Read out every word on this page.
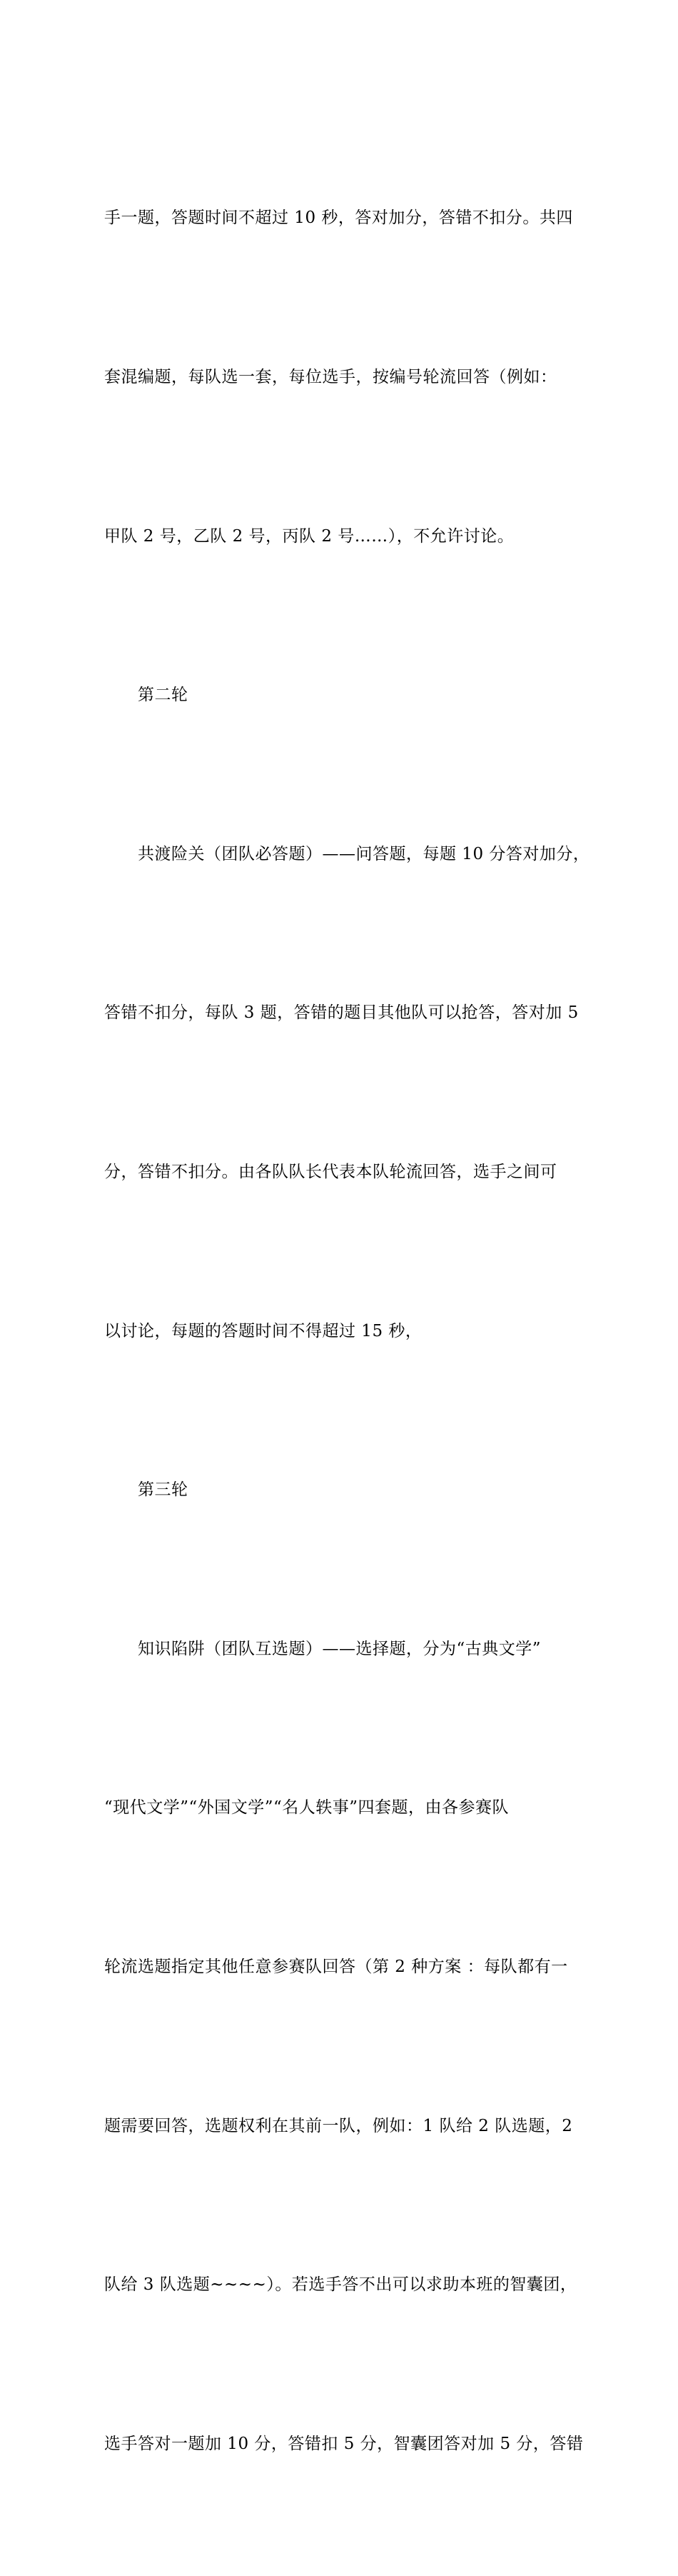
手一题，答题时间不超过 10 秒，答对加分，答错不扣分。共四

套混编题，每队选一套，每位选手，按编号轮流回答（例如：

甲队 2 号，乙队 2 号，丙队 2 号……），不允许讨论。

第二轮

共渡险关（团队必答题）——问答题，每题 10 分答对加分，

答错不扣分，每队 3 题，答错的题目其他队可以抢答，答对加 5

分，答错不扣分。由各队队长代表本队轮流回答，选手之间可

以讨论，每题的答题时间不得超过 15 秒，

第三轮

知识陷阱（团队互选题）——选择题，分为“古典文学”

“现代文学”“外国文学”“名人轶事”四套题，由各参赛队

轮流选题指定其他任意参赛队回答（第 2 种方案 ：每队都有一

题需要回答，选题权利在其前一队，例如：1 队给 2 队选题，2

队给 3 队选题~~~~）。若选手答不出可以求助本班的智囊团，

选手答对一题加 10 分，答错扣 5 分，智囊团答对加 5 分，答错
